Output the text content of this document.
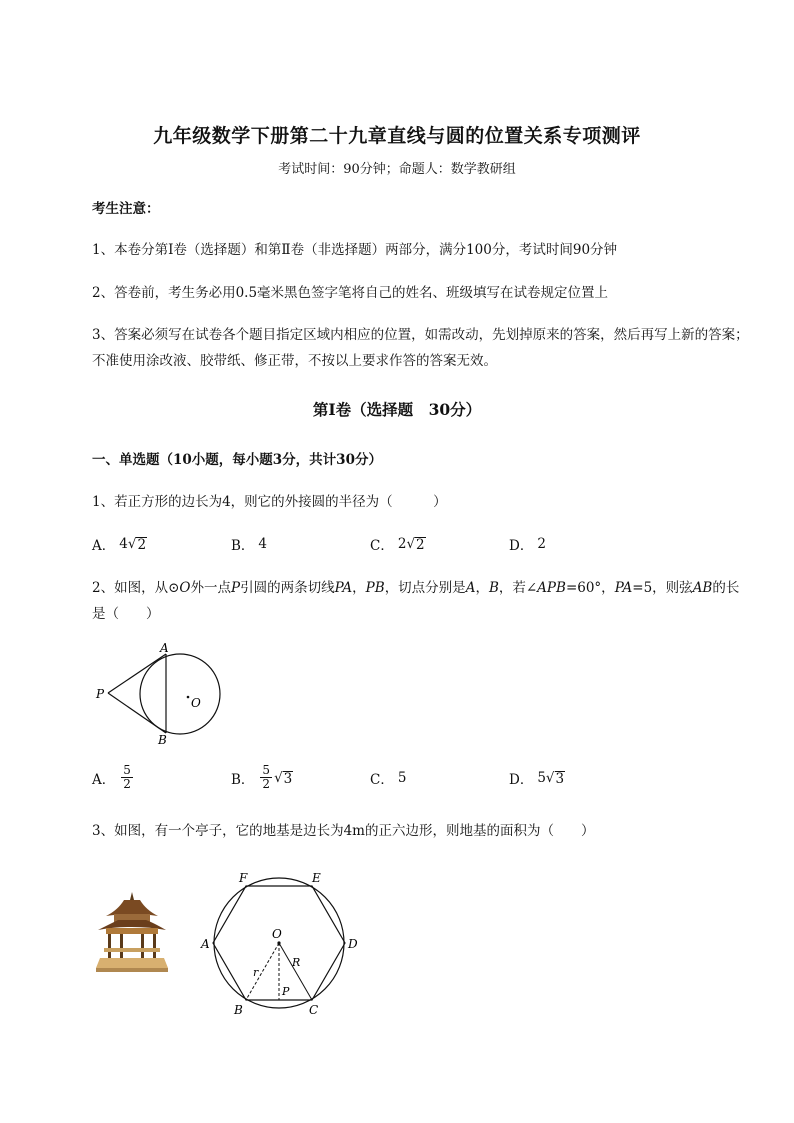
九年级数学下册第二十九章直线与圆的位置关系专项测评
考试时间：90分钟；命题人：数学教研组
考生注意：
1、本卷分第I卷（选择题）和第Ⅱ卷（非选择题）两部分，满分100分，考试时间90分钟
2、答卷前，考生务必用0.5毫米黑色签字笔将自己的姓名、班级填写在试卷规定位置上
3、答案必须写在试卷各个题目指定区域内相应的位置，如需改动，先划掉原来的答案，然后再写上新的答案；不准使用涂改液、胶带纸、修正带，不按以上要求作答的答案无效。
第I卷（选择题　30分）
一、单选题（10小题，每小题3分，共计30分）
1、若正方形的边长为4，则它的外接圆的半径为（　　　）
A． 4 √ 2	B． 4	C． 2 √ 2	D． 2
2、如图，从⊙O外一点P引圆的两条切线PA，PB，切点分别是A，B，若∠APB=60°，PA=5，则弦AB的长是（　　）
A
B
P
O
A． $\frac{5}{2}$	B． $\frac{5}{2}$ √ 3	C． 5	D． 5 √ 3
3、如图，有一个亭子，它的地基是边长为4m的正六边形，则地基的面积为（　　）
F	E
A	D
B	C
O
R
r
P
